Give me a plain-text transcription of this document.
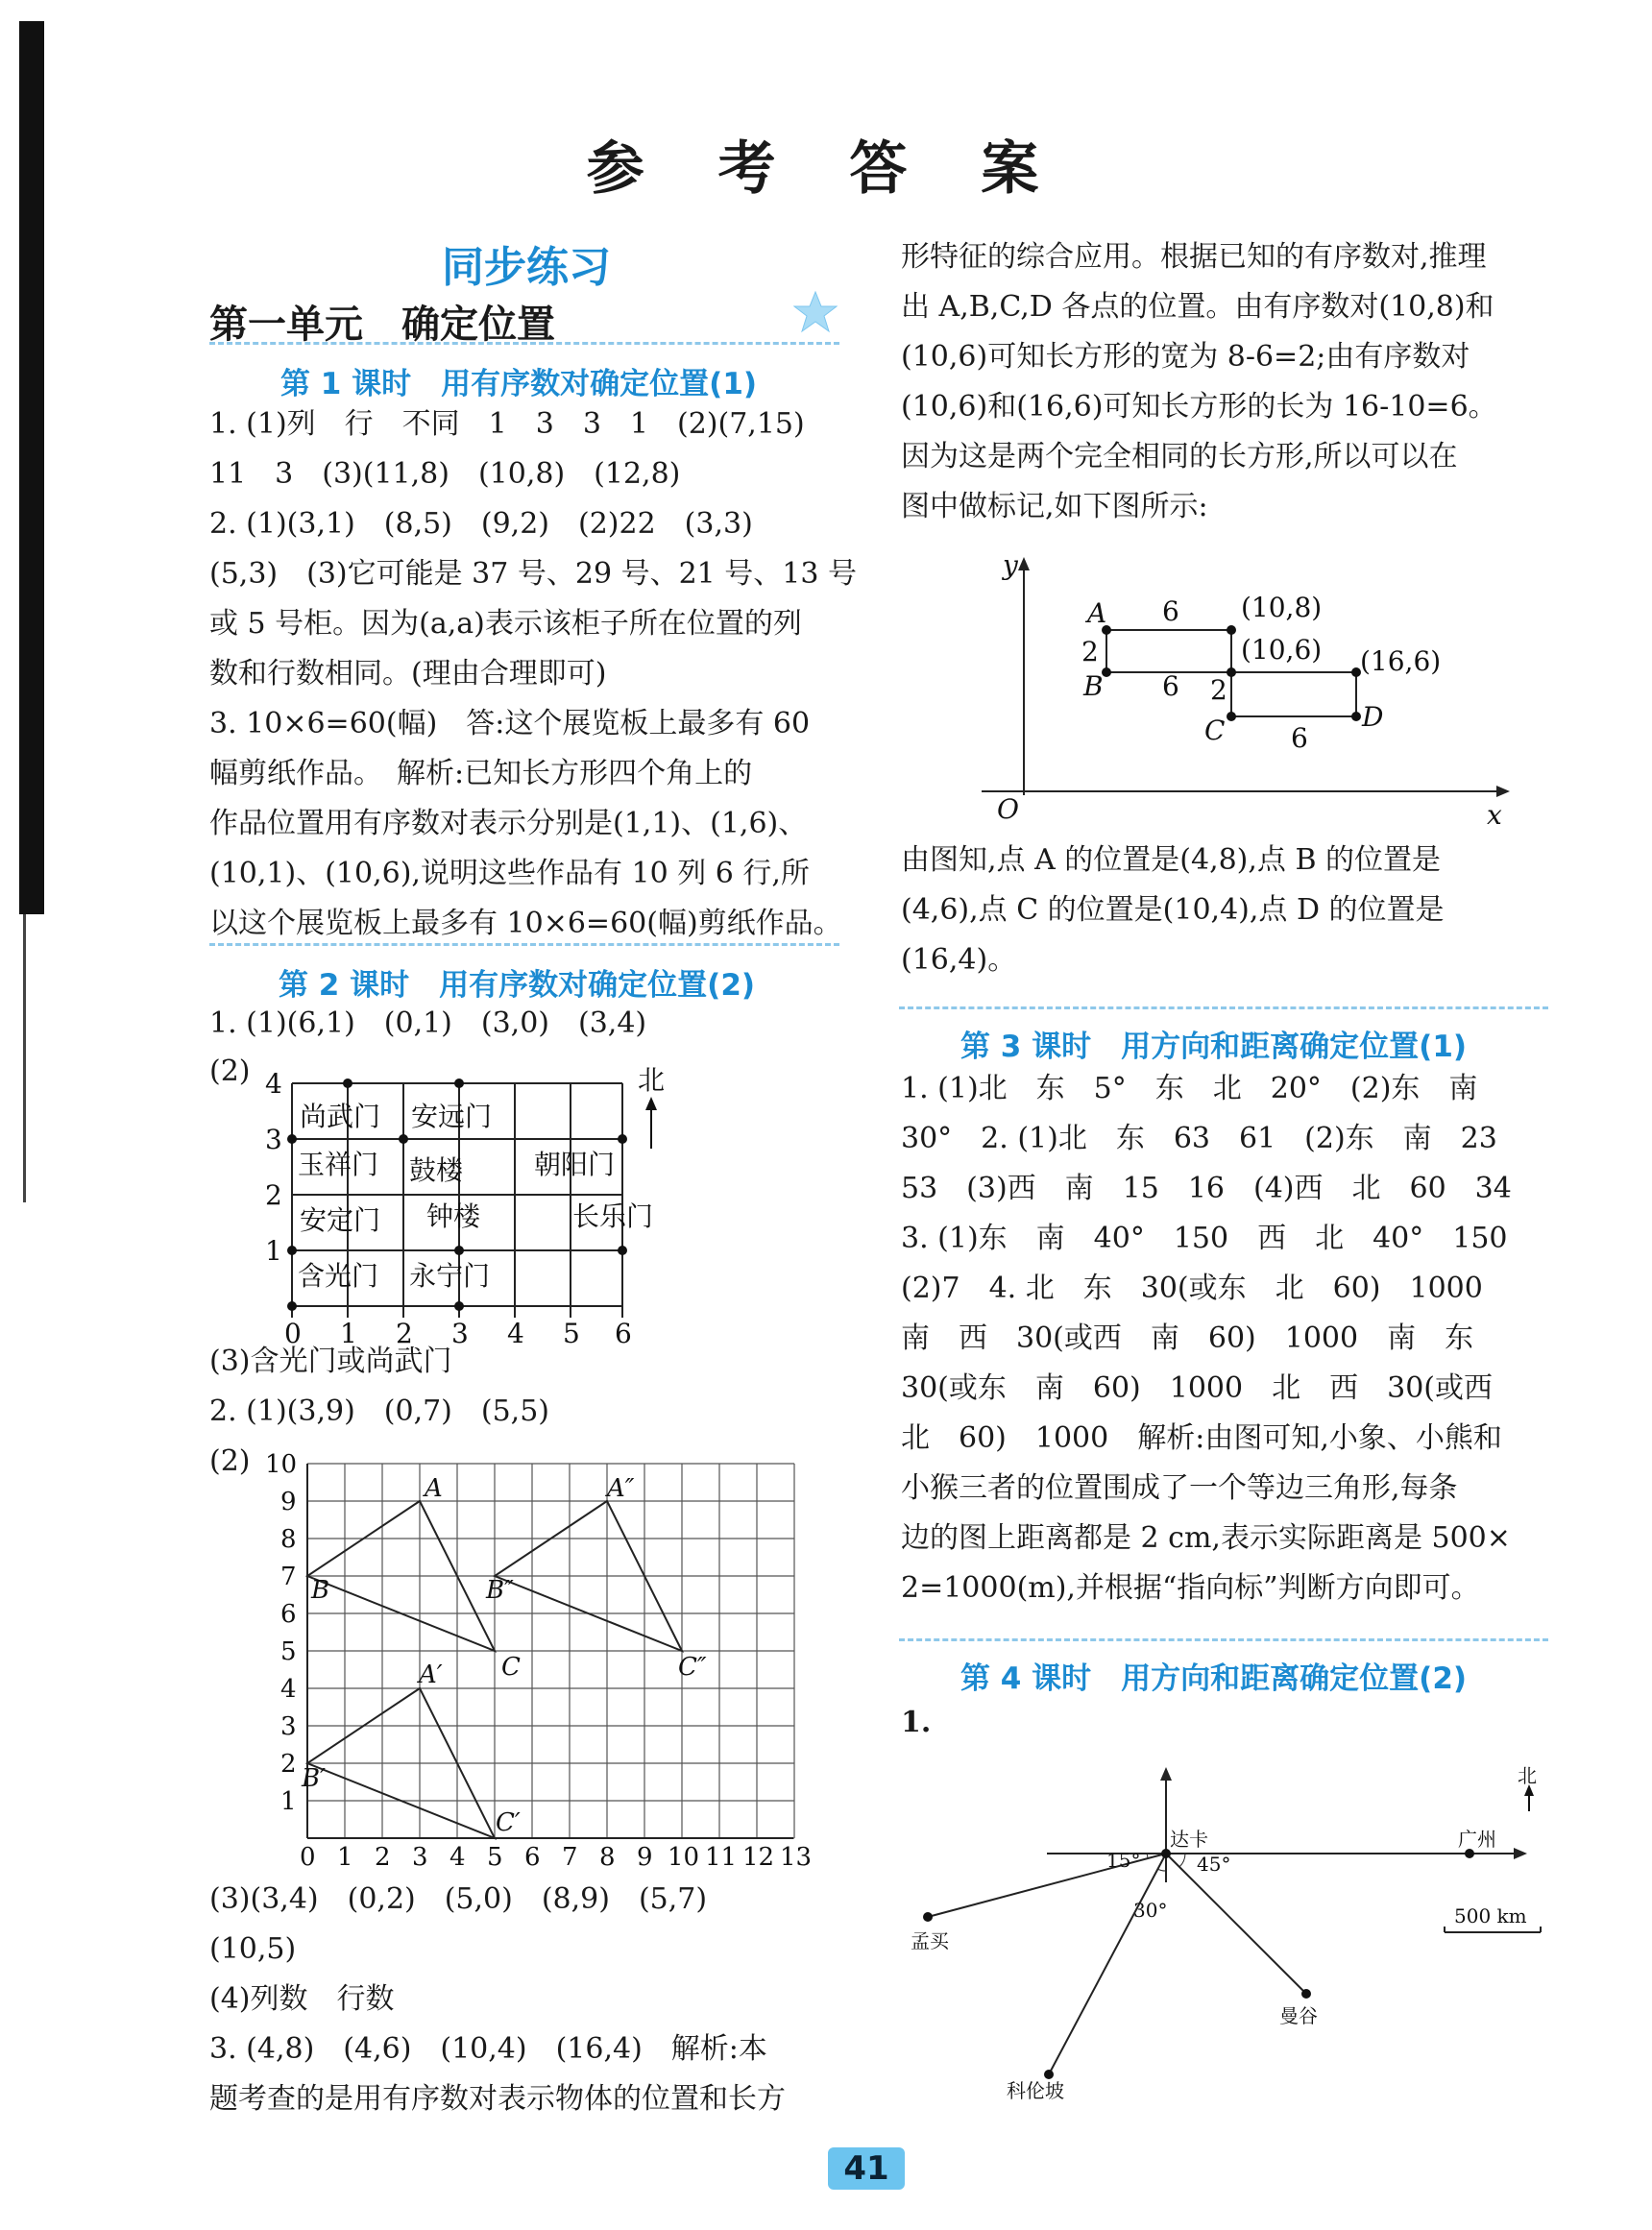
参 考 答 案
同步练习
第一单元　确定位置
第 1 课时　用有序数对确定位置(1)
1. (1)列　行　不同　1　3　3　1　(2)(7,15)
11　3　(3)(11,8)　(10,8)　(12,8)
2. (1)(3,1)　(8,5)　(9,2)　(2)22　(3,3)
(5,3)　(3)它可能是 37 号、29 号、21 号、13 号
或 5 号柜。因为(a,a)表示该柜子所在位置的列
数和行数相同。(理由合理即可)
3. 10×6=60(幅)　答:这个展览板上最多有 60
幅剪纸作品。　解析:已知长方形四个角上的
作品位置用有序数对表示分别是(1,1)、(1,6)、
(10,1)、(10,6),说明这些作品有 10 列 6 行,所
以这个展览板上最多有 10×6=60(幅)剪纸作品。
第 2 课时　用有序数对确定位置(2)
1. (1)(6,1)　(0,1)　(3,0)　(3,4)
(2)
尚武门 安远门
玉祥门 鼓楼	朝阳门
安定门 钟楼	长乐门
含光门 永宁门
4
3
2
1
0 1 2 3 4 5 6
北
(3)含光门或尚武门
2. (1)(3,9)　(0,7)　(5,5)
(2)
A
B
C
A″
B″
C″
A′
B′
C′
10
9
8
7
6
5
4
3
2
1
0 1 2 3 4 5 6 7 8 9 10 11 12 13
(3)(3,4)　(0,2)　(5,0)　(8,9)　(5,7)
(10,5)
(4)列数　行数
3. (4,8)　(4,6)　(10,4)　(16,4)　解析:本
题考查的是用有序数对表示物体的位置和长方
形特征的综合应用。根据已知的有序数对,推理
出 A,B,C,D 各点的位置。由有序数对(10,8)和
(10,6)可知长方形的宽为 8-6=2;由有序数对
(10,6)和(16,6)可知长方形的长为 16-10=6。
因为这是两个完全相同的长方形,所以可以在
图中做标记,如下图所示:
y
x
O
A
B
C	D
(10,8)
(10,6) (16,6)
6
2
6 2
6
由图知,点 A 的位置是(4,8),点 B 的位置是
(4,6),点 C 的位置是(10,4),点 D 的位置是
(16,4)。
第 3 课时　用方向和距离确定位置(1)
1. (1)北　东　5°　东　北　20°　(2)东　南
30°　2. (1)北　东　63　61　(2)东　南　23
53　(3)西　南　15　16　(4)西　北　60　34
3. (1)东　南　40°　150　西　北　40°　150
(2)7　4. 北　东　30(或东　北　60)　1000
南　西　30(或西　南　60)　1000　南　东
30(或东　南　60)　1000　北　西　30(或西
北　60)　1000　解析:由图可知,小象、小熊和
小猴三者的位置围成了一个等边三角形,每条
边的图上距离都是 2 cm,表示实际距离是 500×
2=1000(m),并根据“指向标”判断方向即可。
第 4 课时　用方向和距离确定位置(2)
1.
北
达卡	广州
孟买
曼谷
科伦坡
15°	45°
30°	500 km
41
